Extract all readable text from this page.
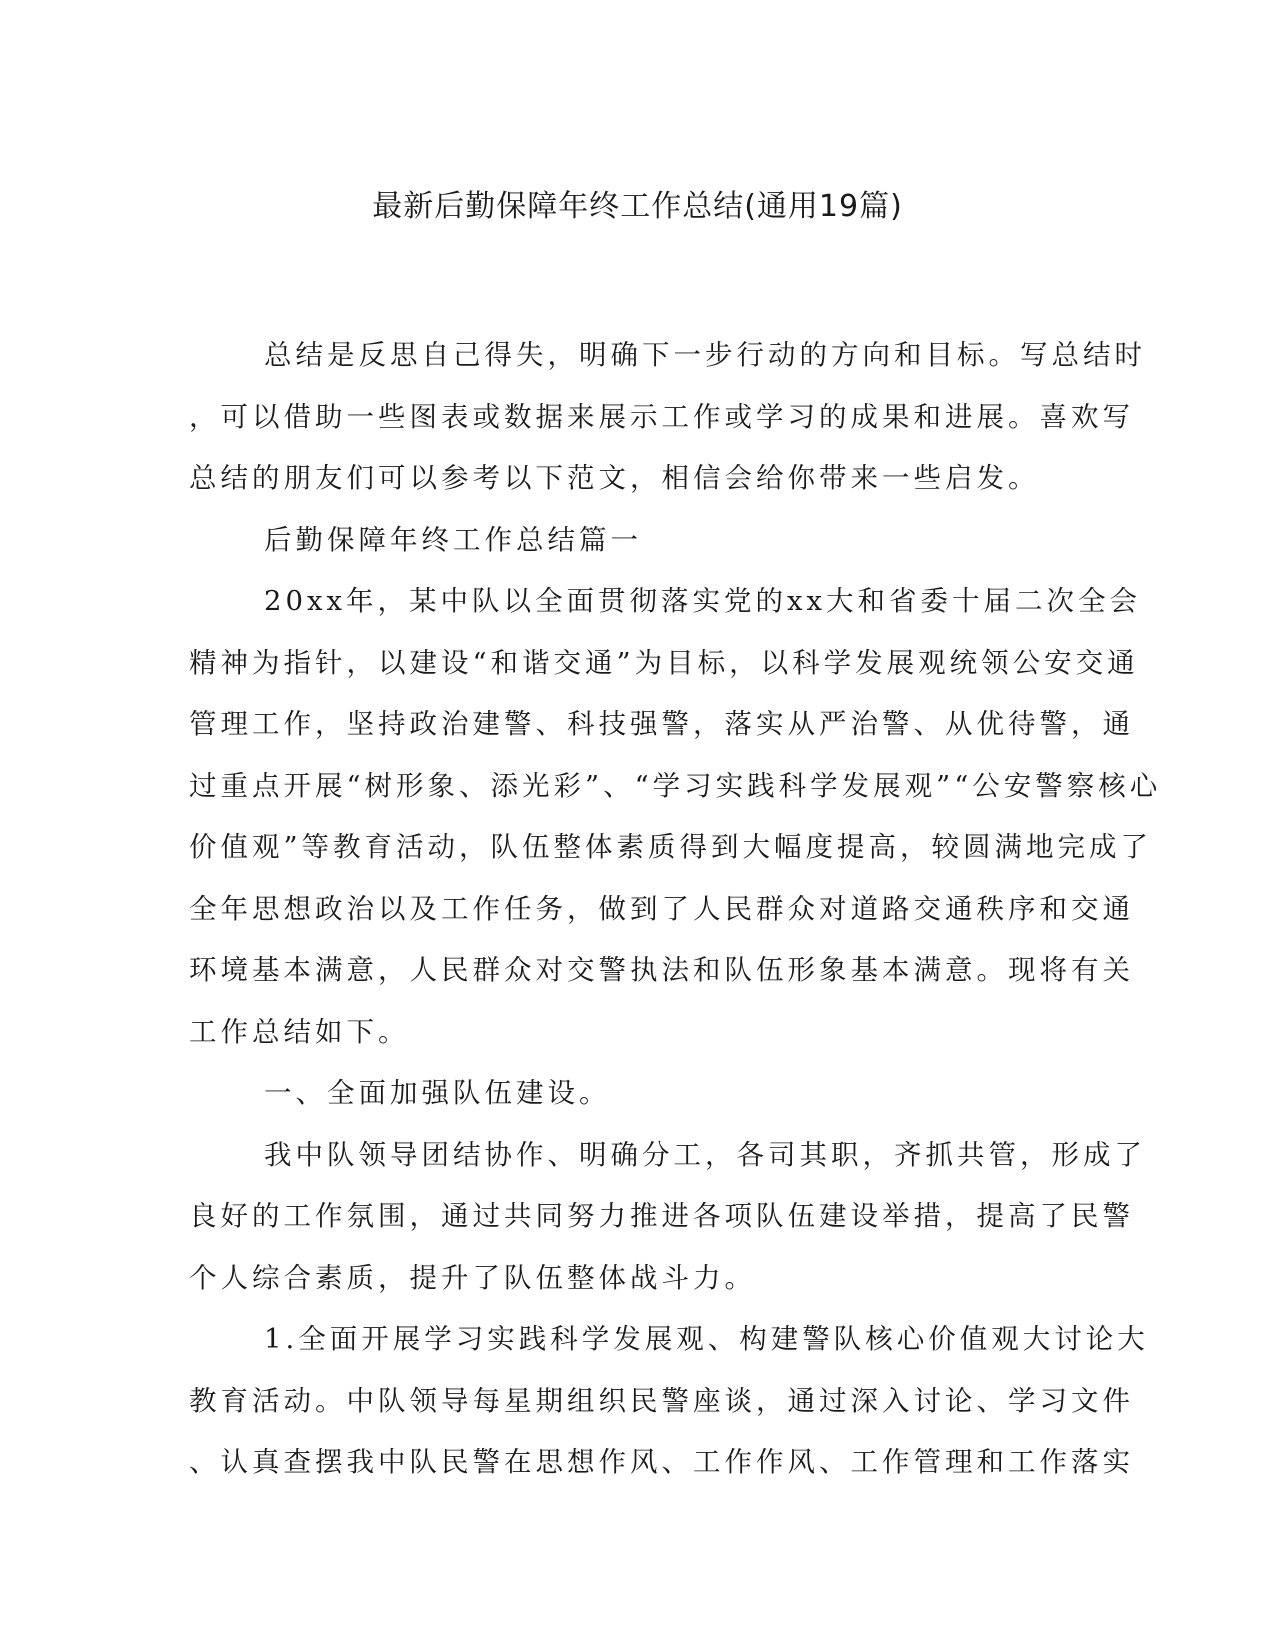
最新后勤保障年终工作总结(通用19篇)

总结是反思自己得失，明确下一步行动的方向和目标。写总结时

，可以借助一些图表或数据来展示工作或学习的成果和进展。喜欢写

总结的朋友们可以参考以下范文，相信会给你带来一些启发。

后勤保障年终工作总结篇一

20xx年，某中队以全面贯彻落实党的xx大和省委十届二次全会

精神为指针，以建设“和谐交通”为目标，以科学发展观统领公安交通

管理工作，坚持政治建警、科技强警，落实从严治警、从优待警，通

过重点开展“树形象、添光彩”、“学习实践科学发展观”“公安警察核心

价值观”等教育活动，队伍整体素质得到大幅度提高，较圆满地完成了

全年思想政治以及工作任务，做到了人民群众对道路交通秩序和交通

环境基本满意，人民群众对交警执法和队伍形象基本满意。现将有关

工作总结如下。

一、全面加强队伍建设。

我中队领导团结协作、明确分工，各司其职，齐抓共管，形成了

良好的工作氛围，通过共同努力推进各项队伍建设举措，提高了民警

个人综合素质，提升了队伍整体战斗力。

1.全面开展学习实践科学发展观、构建警队核心价值观大讨论大

教育活动。中队领导每星期组织民警座谈，通过深入讨论、学习文件

、认真查摆我中队民警在思想作风、工作作风、工作管理和工作落实
